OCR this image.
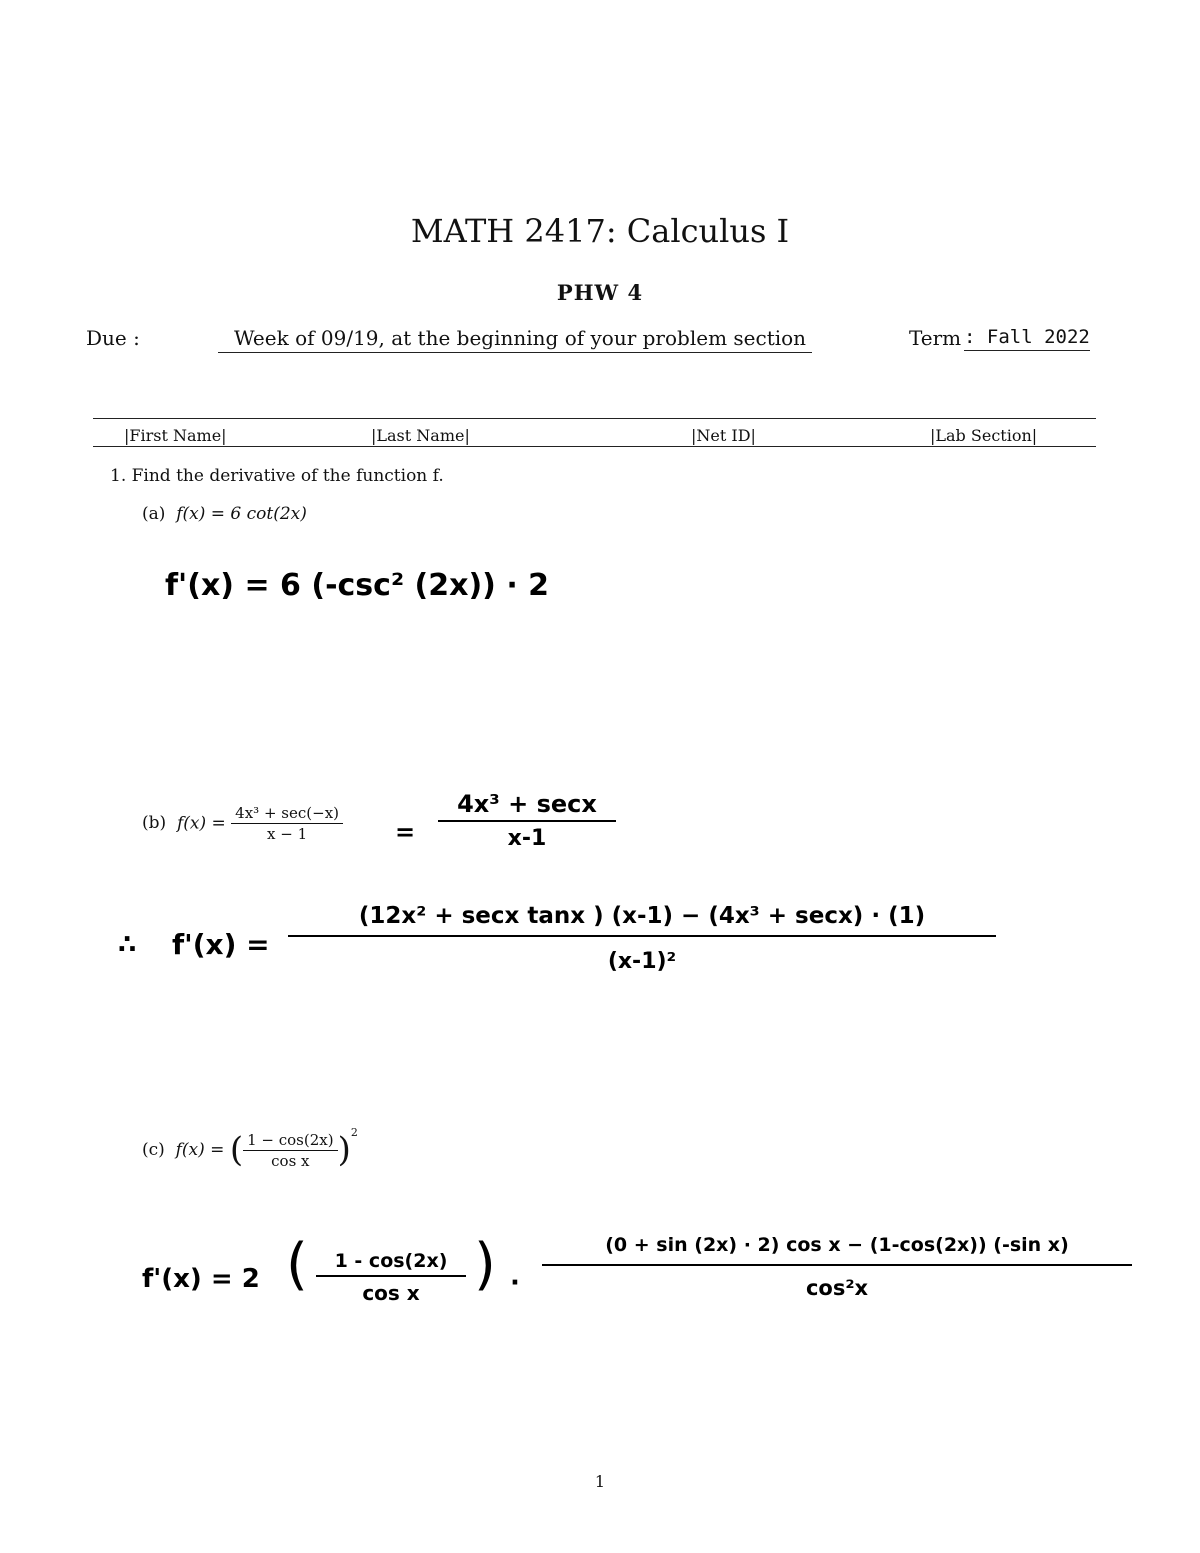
MATH 2417: Calculus I
PHW 4
Due :	Week of 09/19, at the beginning of your problem section	Term : Fall 2022
|First Name|	|Last Name|	|Net ID|	|Lab Section|
1. Find the derivative of the function f.
(a) f(x) = 6 cot(2x)
f'(x) = 6 (-csc² (2x)) · 2
(b) $f(x) = \frac{\text{4x³ + sec(−x)}}{x - 1}$ =
4x³ + secx
x-1
∴ f'(x) =
(12x² + secx tanx ) (x-1) − (4x³ + secx) · (1)
(x-1)²
(c) f(x) = ( $\frac{1 - \cos(2x)}{\text{cos x}} )^2$
f'(x) = 2 ( $\frac{1 - \cos(2x)}{\text{cos x}}$ ) · $\frac{\text{(0 + sin (2x) · 2) cos x − (1-cos(2x)) (-sin x)}}{\text{cos²x}}$
1
